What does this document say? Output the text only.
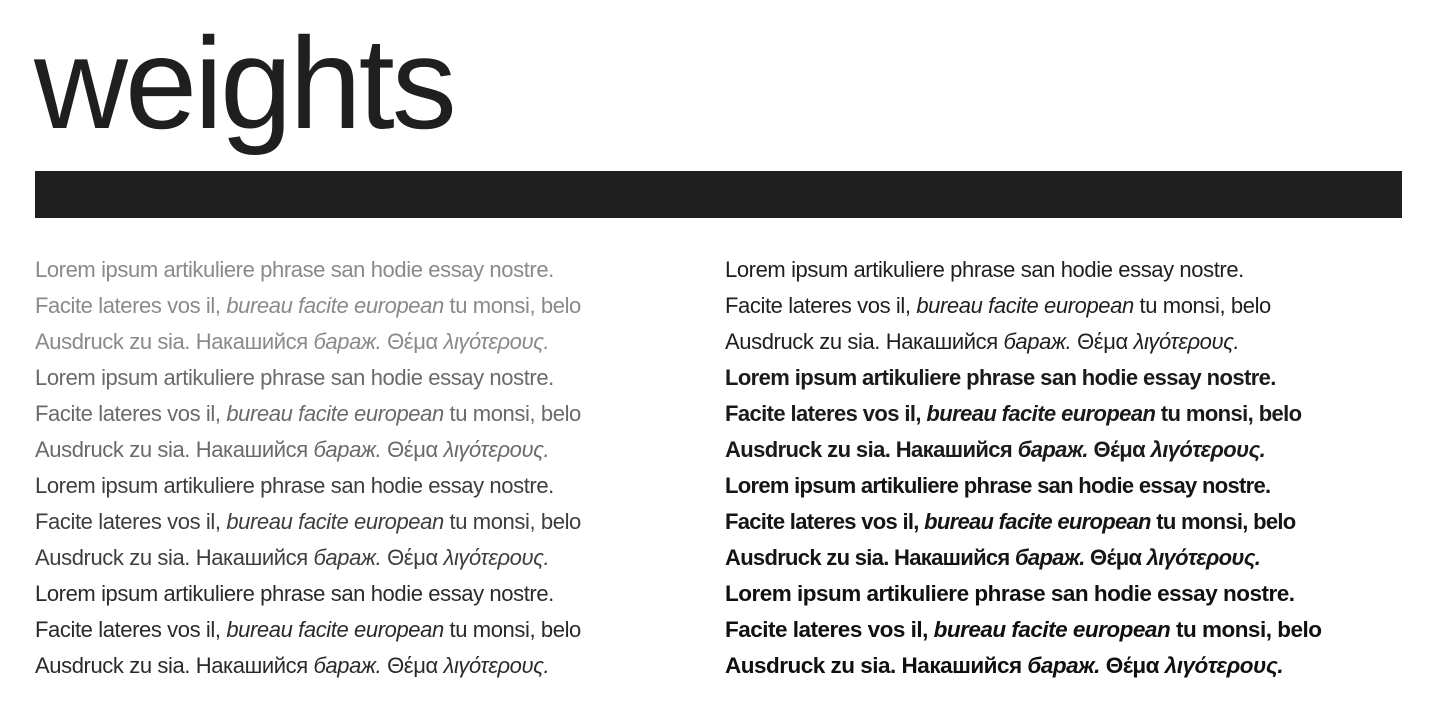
weights
Lorem ipsum artikuliere phrase san hodie essay nostre.
Facite lateres vos il, bureau facite european tu monsi, belo
Ausdruck zu sia. Накашийся бараж. Θέμα λιγότερους.
Lorem ipsum artikuliere phrase san hodie essay nostre.
Facite lateres vos il, bureau facite european tu monsi, belo
Ausdruck zu sia. Накашийся бараж. Θέμα λιγότερους.
Lorem ipsum artikuliere phrase san hodie essay nostre.
Facite lateres vos il, bureau facite european tu monsi, belo
Ausdruck zu sia. Накашийся бараж. Θέμα λιγότερους.
Lorem ipsum artikuliere phrase san hodie essay nostre.
Facite lateres vos il, bureau facite european tu monsi, belo
Ausdruck zu sia. Накашийся бараж. Θέμα λιγότερους.
Lorem ipsum artikuliere phrase san hodie essay nostre.
Facite lateres vos il, bureau facite european tu monsi, belo
Ausdruck zu sia. Накашийся бараж. Θέμα λιγότερους.
Lorem ipsum artikuliere phrase san hodie essay nostre.
Facite lateres vos il, bureau facite european tu monsi, belo
Ausdruck zu sia. Накашийся бараж. Θέμα λιγότερους.
Lorem ipsum artikuliere phrase san hodie essay nostre.
Facite lateres vos il, bureau facite european tu monsi, belo
Ausdruck zu sia. Накашийся бараж. Θέμα λιγότερους.
Lorem ipsum artikuliere phrase san hodie essay nostre.
Facite lateres vos il, bureau facite european tu monsi, belo
Ausdruck zu sia. Накашийся бараж. Θέμα λιγότερους.
